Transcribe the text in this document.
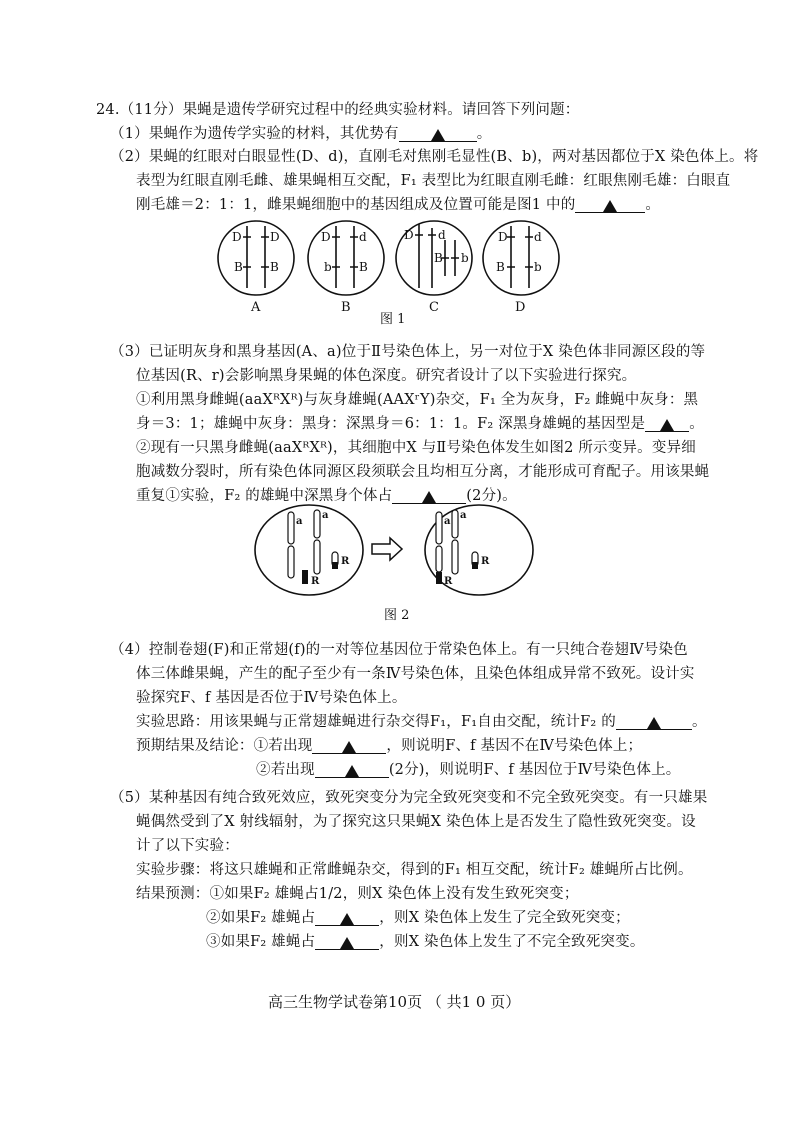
24.（11分）果蝇是遗传学研究过程中的经典实验材料。请回答下列问题：
（1）果蝇作为遗传学实验的材料，其优势有	。
（2）果蝇的红眼对白眼显性(D、d)，直刚毛对焦刚毛显性(B、b)，两对基因都位于X 染色体上。将
表型为红眼直刚毛雌、雄果蝇相互交配，F₁ 表型比为红眼直刚毛雌：红眼焦刚毛雄：白眼直
刚毛雄＝2：1：1，雌果蝇细胞中的基因组成及位置可能是图1 中的	。
D D
B B
D d
b B
D d
B b
D d
B b
A	B	C	D
图 1
（3）已证明灰身和黑身基因(A、a)位于Ⅱ号染色体上，另一对位于X 染色体非同源区段的等
位基因(R、r)会影响黑身果蝇的体色深度。研究者设计了以下实验进行探究。
①利用黑身雌蝇(aaXᴿXᴿ)与灰身雄蝇(AAXʳY)杂交，F₁ 全为灰身，F₂ 雌蝇中灰身：黑
身＝3：1；雄蝇中灰身：黑身：深黑身＝6：1：1。F₂ 深黑身雄蝇的基因型是	。
②现有一只黑身雌蝇(aaXᴿXᴿ)，其细胞中X 与Ⅱ号染色体发生如图2 所示变异。变异细
胞减数分裂时，所有染色体同源区段须联会且均相互分离，才能形成可育配子。用该果蝇
重复①实验，F₂ 的雄蝇中深黑身个体占	(2分)。
a
a
R
R
a
a
R
R
图 2
（4）控制卷翅(F)和正常翅(f)的一对等位基因位于常染色体上。有一只纯合卷翅Ⅳ号染色
体三体雌果蝇，产生的配子至少有一条Ⅳ号染色体，且染色体组成异常不致死。设计实
验探究F、f 基因是否位于Ⅳ号染色体上。
实验思路：用该果蝇与正常翅雄蝇进行杂交得F₁，F₁自由交配，统计F₂ 的	。
预期结果及结论：①若出现	，则说明F、f 基因不在Ⅳ号染色体上；
②若出现	(2分)，则说明F、f 基因位于Ⅳ号染色体上。
（5）某种基因有纯合致死效应，致死突变分为完全致死突变和不完全致死突变。有一只雄果
蝇偶然受到了X 射线辐射，为了探究这只果蝇X 染色体上是否发生了隐性致死突变。设
计了以下实验：
实验步骤：将这只雄蝇和正常雌蝇杂交，得到的F₁ 相互交配，统计F₂ 雄蝇所占比例。
结果预测：①如果F₂ 雄蝇占1/2，则X 染色体上没有发生致死突变；
②如果F₂ 雄蝇占	，则X 染色体上发生了完全致死突变；
③如果F₂ 雄蝇占	，则X 染色体上发生了不完全致死突变。
高三生物学试卷第10页 （ 共1 0 页）
